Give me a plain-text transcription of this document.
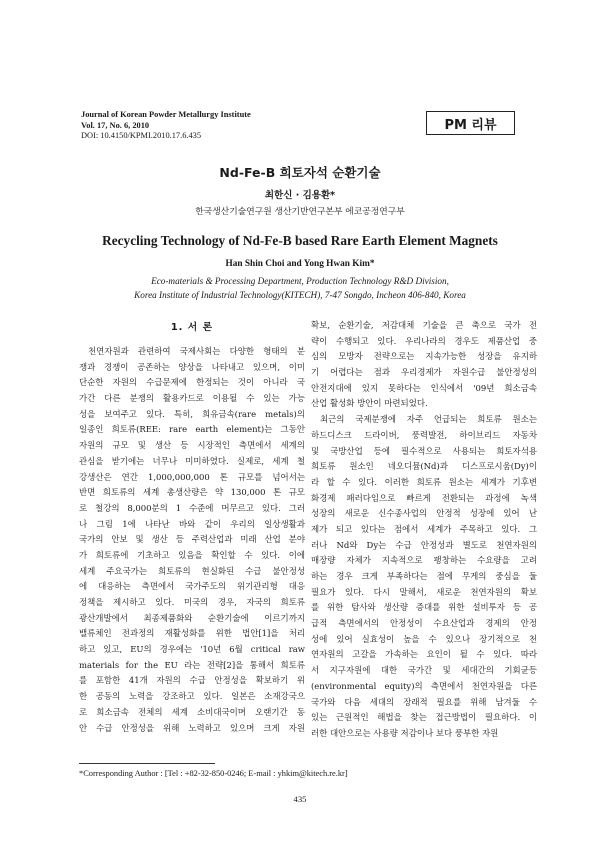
Journal of Korean Powder Metallurgy Institute
Vol. 17, No. 6, 2010
DOI: 10.4150/KPMI.2010.17.6.435
PM 리뷰
Nd-Fe-B 희토자석 순환기술
최한신 · 김용환*
한국생산기술연구원 생산기반연구본부 에코공정연구부
Recycling Technology of Nd-Fe-B based Rare Earth Element Magnets
Han Shin Choi and Yong Hwan Kim*
Eco-materials & Processing Department, Production Technology R&D Division,
Korea Institute of Industrial Technology(KITECH), 7-47 Songdo, Incheon 406-840, Korea
1. 서 론
천연자원과 관련하여 국제사회는 다양한 형태의 분
쟁과 경쟁이 공존하는 양상을 나타내고 있으며, 이미
단순한 자원의 수급문제에 한정되는 것이 아니라 국
가간 다른 분쟁의 활용카드로 이용될 수 있는 가능
성을 보여주고 있다. 특히, 희유금속(rare metals)의
일종인 희토류(REE: rare earth element)는 그동안
자원의 규모 및 생산 등 시장적인 측면에서 세계의
관심을 받기에는 너무나 미미하였다. 실제로, 세계 철
강생산은 연간 1,000,000,000 톤 규모를 넘어서는
반면 희토류의 세계 총생산량은 약 130,000 톤 규모
로 철강의 8,000분의 1 수준에 머무르고 있다. 그러
나 그림 1에 나타난 바와 같이 우리의 일상생활과
국가의 안보 및 생산 등 주력산업과 미래 산업 분야
가 희토류에 기초하고 있음을 확인할 수 있다. 이에
세계 주요국가는 희토류의 현실화된 수급 불안정성
에 대응하는 측면에서 국가주도의 위기관리형 대응
정책을 제시하고 있다. 미국의 경우, 자국의 희토류
광산개발에서 최종제품화와 순환기술에 이르기까지
밸류체인 전과정의 재활성화를 위한 법안[1]을 처리
하고 있고, EU의 경우에는 '10년 6월 critical raw
materials for the EU 라는 전략[2]을 통해서 희토류
를 포함한 41개 자원의 수급 안정성을 확보하기 위
한 공동의 노력을 강조하고 있다. 일본은 소재강국으
로 희소금속 전체의 세계 소비대국이며 오랜기간 동
안 수급 안정성을 위해 노력하고 있으며 크게 자원
확보, 순환기술, 저감대체 기술을 큰 축으로 국가 전
략이 수행되고 있다. 우리나라의 경우도 제품산업 중
심의 모방자 전략으로는 지속가능한 성장을 유지하
기 어렵다는 점과 우리경제가 자원수급 불안정성의
안전지대에 있지 못하다는 인식에서 '09년 희소금속
산업 활성화 방안이 마련되었다.
최근의 국제분쟁에 자주 언급되는 희토류 원소는
하드디스크 드라이버, 풍력발전, 하이브리드 자동차
및 국방산업 등에 필수적으로 사용되는 희토자석용
희토류 원소인 네오디뮴(Nd)과 디스프로시움(Dy)이
라 할 수 있다. 이러한 희토류 원소는 세계가 기후변
화경제 패러다임으로 빠르게 전환되는 과정에 녹색
성장의 새로운 신수종사업의 안정적 성장에 있어 난
제가 되고 있다는 점에서 세계가 주목하고 있다. 그
러나 Nd와 Dy는 수급 안정성과 별도로 천연자원의
매장량 자체가 지속적으로 팽창하는 수요량을 고려
하는 경우 크게 부족하다는 점에 무게의 중심을 둘
필요가 있다. 다시 말해서, 새로운 천연자원의 확보
를 위한 탐사와 생산량 증대를 위한 설비투자 등 공
급적 측면에서의 안정성이 수요산업과 경제의 안정
성에 있어 실효성이 높을 수 있으나 장기적으로 천
연자원의 고갈을 가속하는 요인이 될 수 있다. 따라
서 지구자원에 대한 국가간 및 세대간의 기회균등
(environmental equity)의 측면에서 천연자원을 다른
국가와 다음 세대의 장래적 필요를 위해 남겨둘 수
있는 근원적인 해법을 찾는 접근방법이 필요하다. 이
러한 대안으로는 사용량 저감이나 보다 풍부한 자원
*Corresponding Author : [Tel : +82-32-850-0246; E-mail : yhkim@kitech.re.kr]
435
